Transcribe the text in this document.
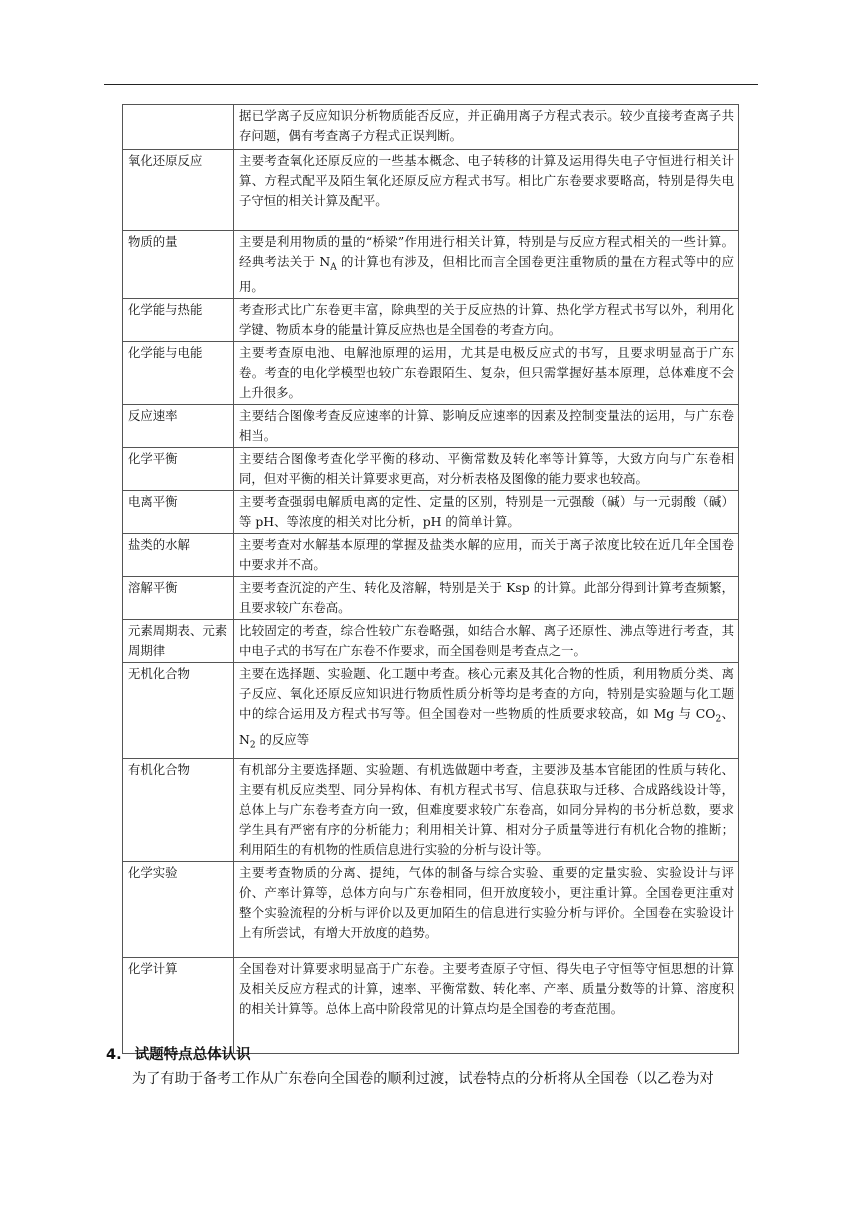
	据已学离子反应知识分析物质能否反应，并正确用离子方程式表示。较少直接考查离子共存问题，偶有考查离子方程式正误判断。
氧化还原反应	主要考查氧化还原反应的一些基本概念、电子转移的计算及运用得失电子守恒进行相关计算、方程式配平及陌生氧化还原反应方程式书写。相比广东卷要求要略高，特别是得失电子守恒的相关计算及配平。
物质的量	主要是利用物质的量的“桥梁”作用进行相关计算，特别是与反应方程式相关的一些计算。经典考法关于 $N_A$ 的计算也有涉及，但相比而言全国卷更注重物质的量在方程式等中的应用。
化学能与热能	考查形式比广东卷更丰富，除典型的关于反应热的计算、热化学方程式书写以外，利用化学键、物质本身的能量计算反应热也是全国卷的考查方向。
化学能与电能	主要考查原电池、电解池原理的运用，尤其是电极反应式的书写，且要求明显高于广东卷。考查的电化学模型也较广东卷跟陌生、复杂，但只需掌握好基本原理，总体难度不会上升很多。
反应速率	主要结合图像考查反应速率的计算、影响反应速率的因素及控制变量法的运用，与广东卷相当。
化学平衡	主要结合图像考查化学平衡的移动、平衡常数及转化率等计算等，大致方向与广东卷相同，但对平衡的相关计算要求更高，对分析表格及图像的能力要求也较高。
电离平衡	主要考查强弱电解质电离的定性、定量的区别，特别是一元强酸（碱）与一元弱酸（碱）等 pH、等浓度的相关对比分析，pH 的简单计算。
盐类的水解	主要考查对水解基本原理的掌握及盐类水解的应用，而关于离子浓度比较在近几年全国卷中要求并不高。
溶解平衡	主要考查沉淀的产生、转化及溶解，特别是关于 Ksp 的计算。此部分得到计算考查频繁，且要求较广东卷高。
元素周期表、元素周期律	比较固定的考查，综合性较广东卷略强，如结合水解、离子还原性、沸点等进行考查，其中电子式的书写在广东卷不作要求，而全国卷则是考查点之一。
无机化合物	主要在选择题、实验题、化工题中考查。核心元素及其化合物的性质，利用物质分类、离子反应、氧化还原反应知识进行物质性质分析等均是考查的方向，特别是实验题与化工题中的综合运用及方程式书写等。但全国卷对一些物质的性质要求较高，如 Mg 与 $CO_2$、$N_2$ 的反应等
有机化合物	有机部分主要选择题、实验题、有机选做题中考查，主要涉及基本官能团的性质与转化、主要有机反应类型、同分异构体、有机方程式书写、信息获取与迁移、合成路线设计等，总体上与广东卷考查方向一致，但难度要求较广东卷高，如同分异构的书分析总数，要求学生具有严密有序的分析能力；利用相关计算、相对分子质量等进行有机化合物的推断；利用陌生的有机物的性质信息进行实验的分析与设计等。
化学实验	主要考查物质的分离、提纯，气体的制备与综合实验、重要的定量实验、实验设计与评价、产率计算等，总体方向与广东卷相同，但开放度较小，更注重计算。全国卷更注重对整个实验流程的分析与评价以及更加陌生的信息进行实验分析与评价。全国卷在实验设计上有所尝试，有增大开放度的趋势。
化学计算	全国卷对计算要求明显高于广东卷。主要考查原子守恒、得失电子守恒等守恒思想的计算及相关反应方程式的计算，速率、平衡常数、转化率、产率、质量分数等的计算、溶度积的相关计算等。总体上高中阶段常见的计算点均是全国卷的考查范围。
4. 试题特点总体认识
为了有助于备考工作从广东卷向全国卷的顺利过渡，试卷特点的分析将从全国卷（以乙卷为对
